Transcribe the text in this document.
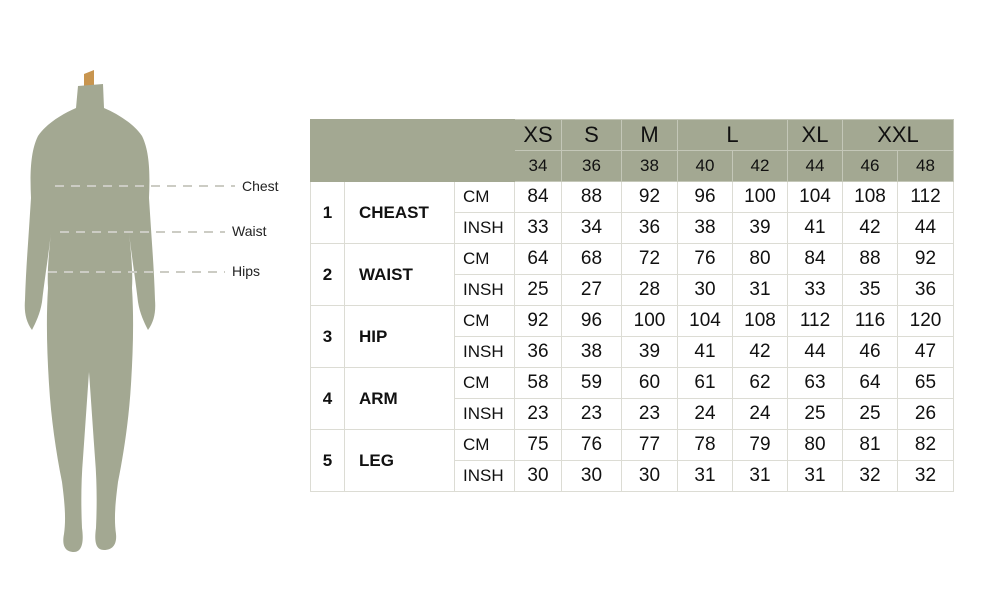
Chest
Waist
Hips
			XS	S	M	L		XL	XXL	
			34	36	38	40	42	44	46	48
1	CHEAST	CM	84	88	92	96	100	104	108	112
		INSH	33	34	36	38	39	41	42	44
2	WAIST	CM	64	68	72	76	80	84	88	92
		INSH	25	27	28	30	31	33	35	36
3	HIP	CM	92	96	100	104	108	112	116	120
		INSH	36	38	39	41	42	44	46	47
4	ARM	CM	58	59	60	61	62	63	64	65
		INSH	23	23	23	24	24	25	25	26
5	LEG	CM	75	76	77	78	79	80	81	82
		INSH	30	30	30	31	31	31	32	32
